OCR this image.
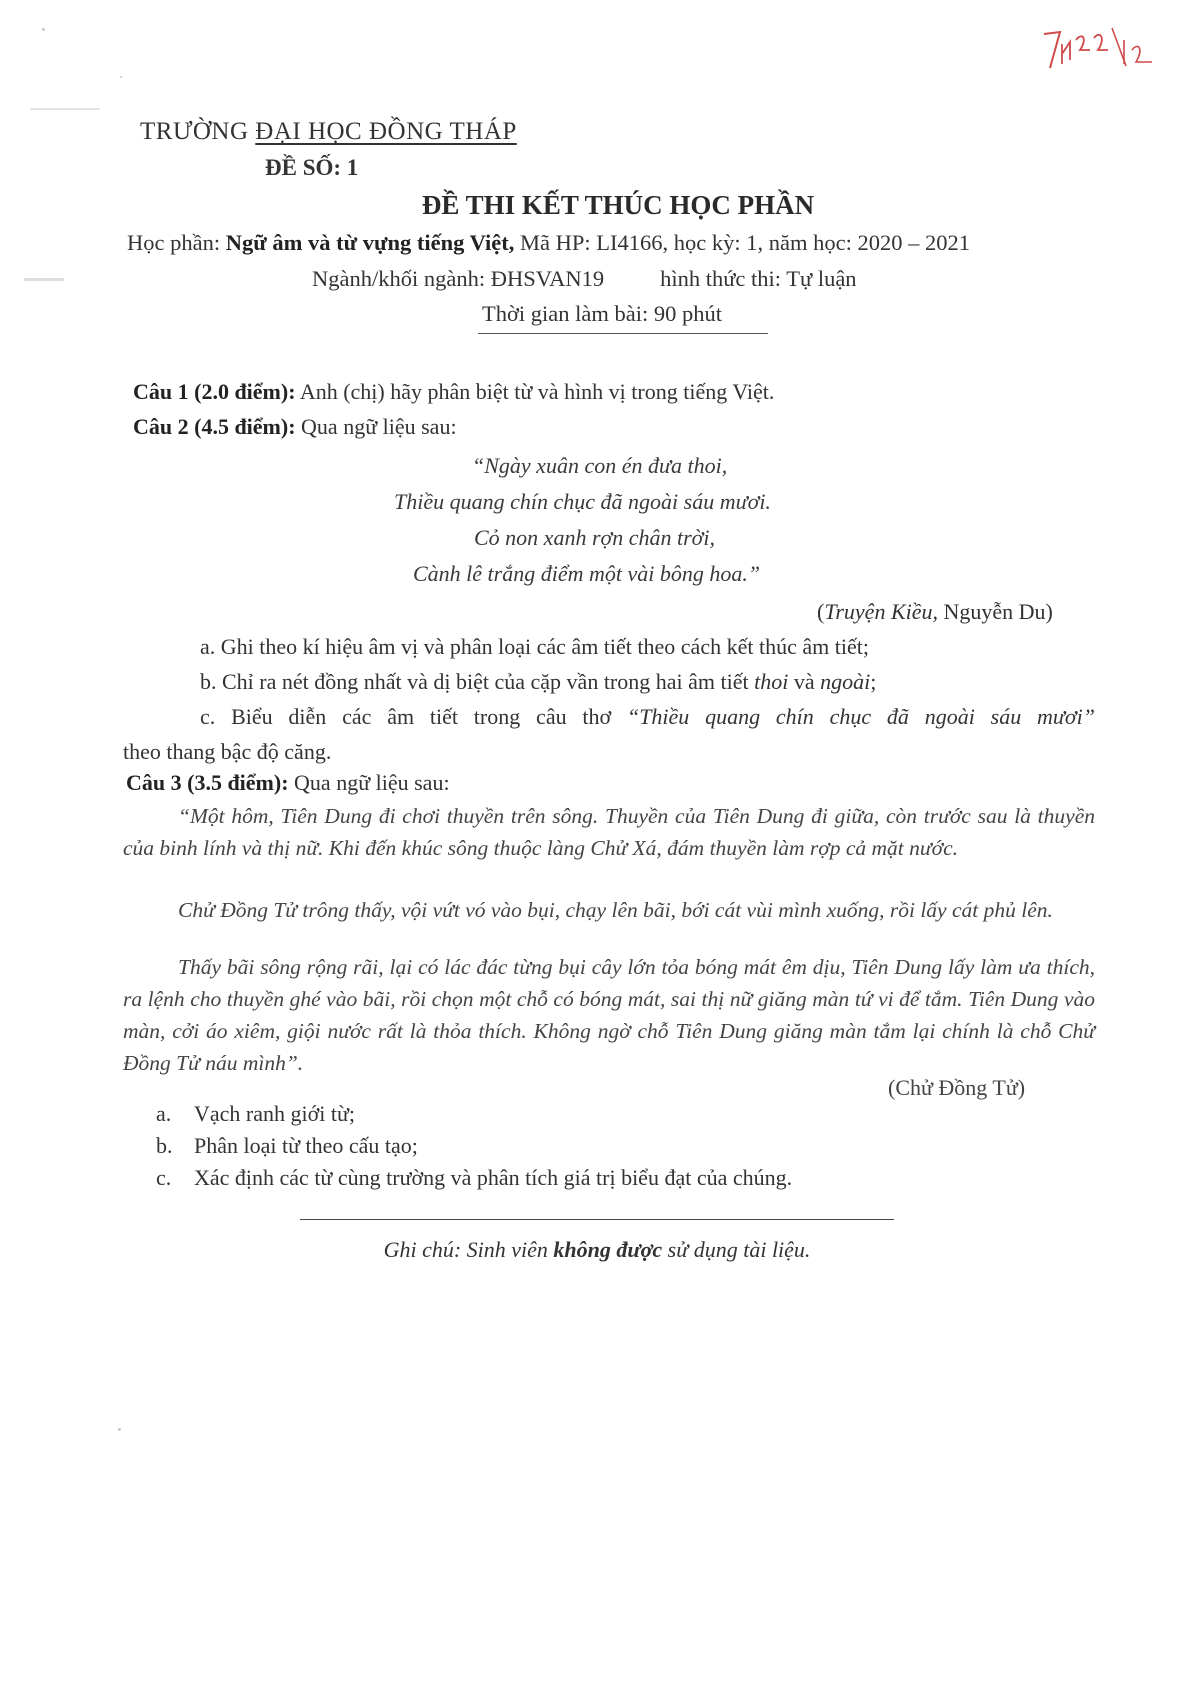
TRƯỜNG ĐẠI HỌC ĐỒNG THÁP
ĐỀ SỐ: 1
ĐỀ THI KẾT THÚC HỌC PHẦN
Học phần: Ngữ âm và từ vựng tiếng Việt, Mã HP: LI4166, học kỳ: 1, năm học: 2020 – 2021
Ngành/khối ngành: ĐHSVAN19 hình thức thi: Tự luận
Thời gian làm bài: 90 phút
Câu 1 (2.0 điểm): Anh (chị) hãy phân biệt từ và hình vị trong tiếng Việt.
Câu 2 (4.5 điểm): Qua ngữ liệu sau:
“Ngày xuân con én đưa thoi,
Thiều quang chín chục đã ngoài sáu mươi.
Cỏ non xanh rợn chân trời,
Cành lê trắng điểm một vài bông hoa.”
(Truyện Kiều, Nguyễn Du)
a. Ghi theo kí hiệu âm vị và phân loại các âm tiết theo cách kết thúc âm tiết;
b. Chỉ ra nét đồng nhất và dị biệt của cặp vần trong hai âm tiết thoi và ngoài;
c. Biểu diễn các âm tiết trong câu thơ “Thiều quang chín chục đã ngoài sáu mươi”
theo thang bậc độ căng.
Câu 3 (3.5 điểm): Qua ngữ liệu sau:

“Một hôm, Tiên Dung đi chơi thuyền trên sông. Thuyền của Tiên Dung đi giữa, còn trước sau là thuyền của binh lính và thị nữ. Khi đến khúc sông thuộc làng Chử Xá, đám thuyền làm rợp cả mặt nước.

Chử Đồng Tử trông thấy, vội vứt vó vào bụi, chạy lên bãi, bới cát vùi mình xuống, rồi lấy cát phủ lên.

Thấy bãi sông rộng rãi, lại có lác đác từng bụi cây lớn tỏa bóng mát êm dịu, Tiên Dung lấy làm ưa thích, ra lệnh cho thuyền ghé vào bãi, rồi chọn một chỗ có bóng mát, sai thị nữ giăng màn tứ vi để tắm. Tiên Dung vào màn, cởi áo xiêm, giội nước rất là thỏa thích. Không ngờ chỗ Tiên Dung giăng màn tắm lại chính là chỗ Chử Đồng Tử náu mình”.

(Chử Đồng Tử)
a. Vạch ranh giới từ;
b. Phân loại từ theo cấu tạo;
c. Xác định các từ cùng trường và phân tích giá trị biểu đạt của chúng.
Ghi chú: Sinh viên không được sử dụng tài liệu.
